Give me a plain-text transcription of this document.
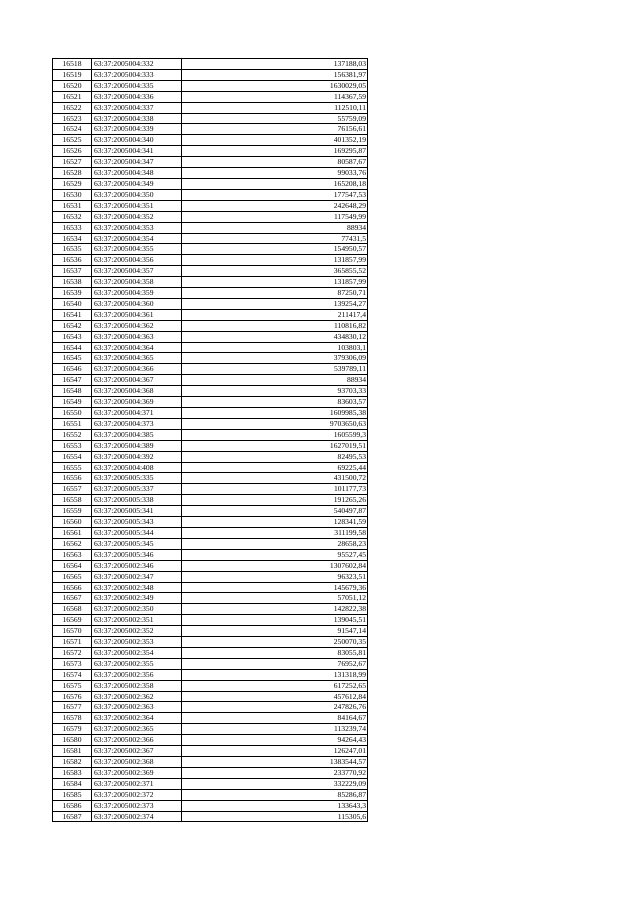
16518	63:37:2005004:332	137188,03
16519	63:37:2005004:333	156381,97
16520	63:37:2005004:335	1630029,05
16521	63:37:2005004:336	114367,59
16522	63:37:2005004:337	112510,11
16523	63:37:2005004:338	55759,09
16524	63:37:2005004:339	76156,61
16525	63:37:2005004:340	401352,19
16526	63:37:2005004:341	169295,87
16527	63:37:2005004:347	80587,67
16528	63:37:2005004:348	99033,76
16529	63:37:2005004:349	165208,18
16530	63:37:2005004:350	177547,53
16531	63:37:2005004:351	242648,29
16532	63:37:2005004:352	117549,99
16533	63:37:2005004:353	88934
16534	63:37:2005004:354	77431,5
16535	63:37:2005004:355	154950,57
16536	63:37:2005004:356	131857,99
16537	63:37:2005004:357	365855,52
16538	63:37:2005004:358	131857,99
16539	63:37:2005004:359	87250,71
16540	63:37:2005004:360	139254,27
16541	63:37:2005004:361	211417,4
16542	63:37:2005004:362	110816,82
16543	63:37:2005004:363	434830,12
16544	63:37:2005004:364	103803,1
16545	63:37:2005004:365	379306,09
16546	63:37:2005004:366	539789,11
16547	63:37:2005004:367	88934
16548	63:37:2005004:368	93703,33
16549	63:37:2005004:369	83603,57
16550	63:37:2005004:371	1609985,38
16551	63:37:2005004:373	9703650,63
16552	63:37:2005004:385	1605599,3
16553	63:37:2005004:389	1627019,51
16554	63:37:2005004:392	82495,53
16555	63:37:2005004:408	69225,44
16556	63:37:2005005:335	431500,72
16557	63:37:2005005:337	101177,73
16558	63:37:2005005:338	191265,26
16559	63:37:2005005:341	540497,87
16560	63:37:2005005:343	128341,59
16561	63:37:2005005:344	311199,58
16562	63:37:2005005:345	28658,23
16563	63:37:2005005:346	95527,45
16564	63:37:2005002:346	1307602,84
16565	63:37:2005002:347	96323,51
16566	63:37:2005002:348	145679,36
16567	63:37:2005002:349	57051,12
16568	63:37:2005002:350	142822,38
16569	63:37:2005002:351	139045,51
16570	63:37:2005002:352	91547,14
16571	63:37:2005002:353	250070,35
16572	63:37:2005002:354	83055,81
16573	63:37:2005002:355	76952,67
16574	63:37:2005002:356	131318,99
16575	63:37:2005002:358	617252,65
16576	63:37:2005002:362	457612,84
16577	63:37:2005002:363	247826,76
16578	63:37:2005002:364	84164,67
16579	63:37:2005002:365	113239,74
16580	63:37:2005002:366	94264,43
16581	63:37:2005002:367	126247,01
16582	63:37:2005002:368	1383544,57
16583	63:37:2005002:369	233770,92
16584	63:37:2005002:371	332229,09
16585	63:37:2005002:372	85286,87
16586	63:37:2005002:373	133643,3
16587	63:37:2005002:374	115305,6
